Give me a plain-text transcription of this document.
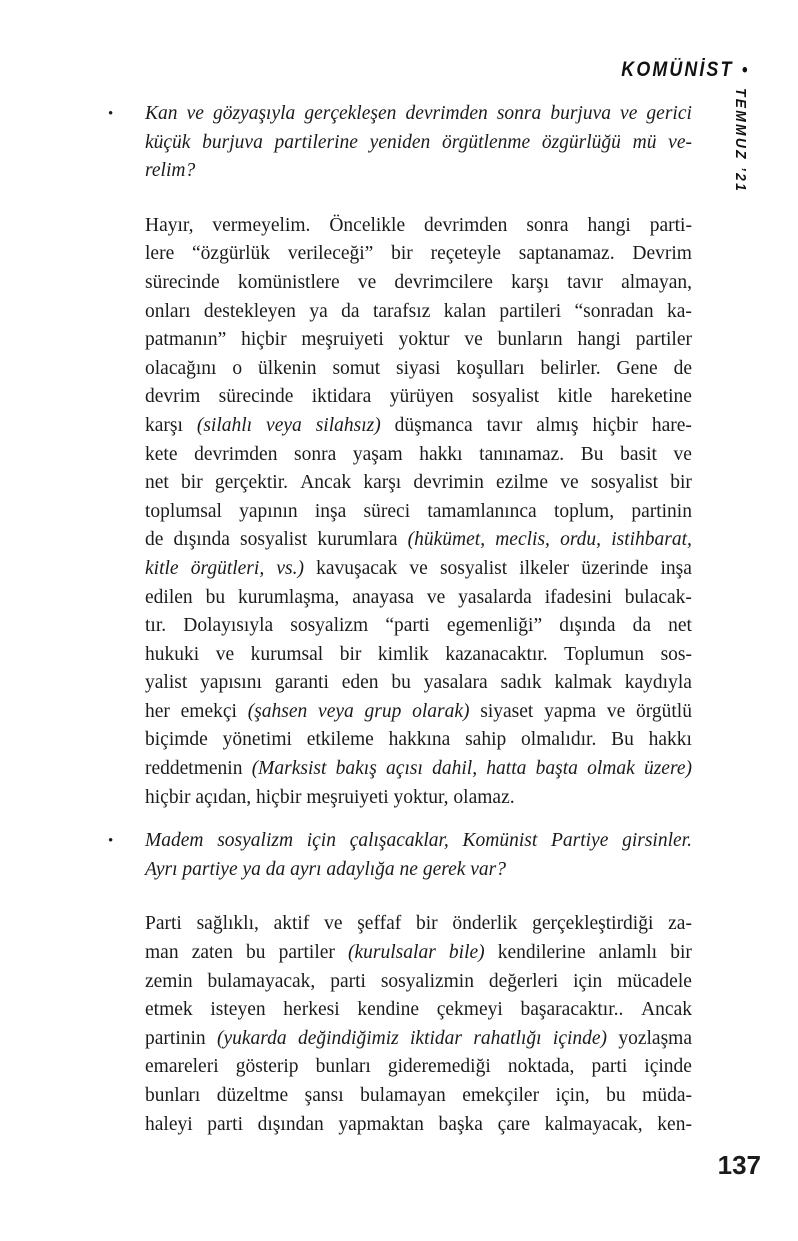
KOMÜNİST •
TEMMUZ ’21
• Kan ve gözyaşıyla gerçekleşen devrimden sonra burjuva ve gerici
küçük burjuva partilerine yeniden örgütlenme özgürlüğü mü ve-
relim?
Hayır, vermeyelim. Öncelikle devrimden sonra hangi parti-
lere “özgürlük verileceği” bir reçeteyle saptanamaz. Devrim
sürecinde komünistlere ve devrimcilere karşı tavır almayan,
onları destekleyen ya da tarafsız kalan partileri “sonradan ka-
patmanın” hiçbir meşruiyeti yoktur ve bunların hangi partiler
olacağını o ülkenin somut siyasi koşulları belirler. Gene de
devrim sürecinde iktidara yürüyen sosyalist kitle hareketine
karşı (silahlı veya silahsız) düşmanca tavır almış hiçbir hare-
kete devrimden sonra yaşam hakkı tanınamaz. Bu basit ve
net bir gerçektir. Ancak karşı devrimin ezilme ve sosyalist bir
toplumsal yapının inşa süreci tamamlanınca toplum, partinin
de dışında sosyalist kurumlara (hükümet, meclis, ordu, istihbarat,
kitle örgütleri, vs.) kavuşacak ve sosyalist ilkeler üzerinde inşa
edilen bu kurumlaşma, anayasa ve yasalarda ifadesini bulacak-
tır. Dolayısıyla sosyalizm “parti egemenliği” dışında da net
hukuki ve kurumsal bir kimlik kazanacaktır. Toplumun sos-
yalist yapısını garanti eden bu yasalara sadık kalmak kaydıyla
her emekçi (şahsen veya grup olarak) siyaset yapma ve örgütlü
biçimde yönetimi etkileme hakkına sahip olmalıdır. Bu hakkı
reddetmenin (Marksist bakış açısı dahil, hatta başta olmak üzere)
hiçbir açıdan, hiçbir meşruiyeti yoktur, olamaz.
• Madem sosyalizm için çalışacaklar, Komünist Partiye girsinler.
Ayrı partiye ya da ayrı adaylığa ne gerek var?
Parti sağlıklı, aktif ve şeffaf bir önderlik gerçekleştirdiği za-
man zaten bu partiler (kurulsalar bile) kendilerine anlamlı bir
zemin bulamayacak, parti sosyalizmin değerleri için mücadele
etmek isteyen herkesi kendine çekmeyi başaracaktır.. Ancak
partinin (yukarda değindiğimiz iktidar rahatlığı içinde) yozlaşma
emareleri gösterip bunları gideremediği noktada, parti içinde
bunları düzeltme şansı bulamayan emekçiler için, bu müda-
haleyi parti dışından yapmaktan başka çare kalmayacak, ken-
137
